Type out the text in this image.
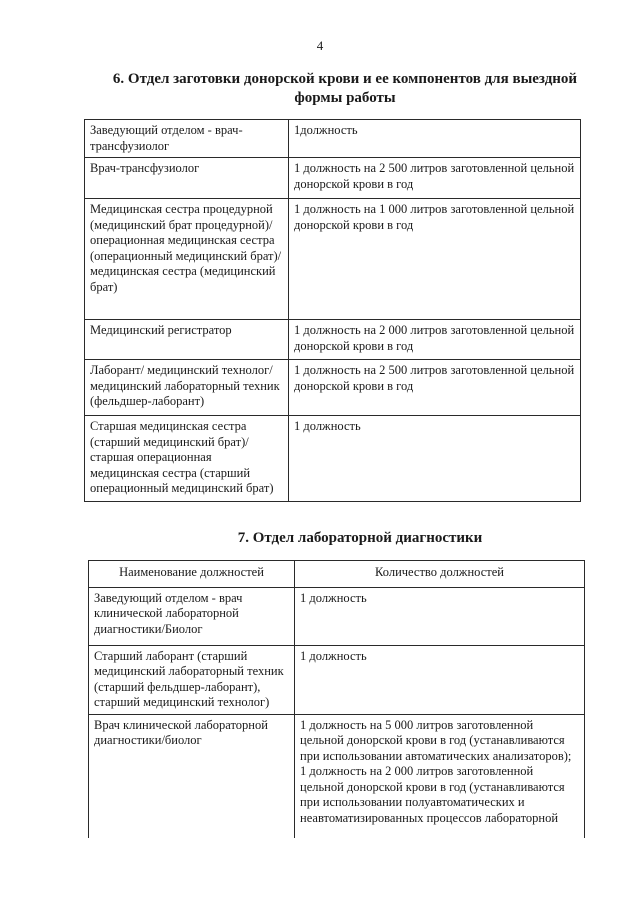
4
6. Отдел заготовки донорской крови и ее компонентов для выездной
формы работы
Заведующий отделом - врач-трансфузиолог	1должность
Врач-трансфузиолог	1 должность на 2 500 литров заготовленной цельной донорской крови в год
Медицинская сестра процедурной (медицинский брат процедурной)/операционная медицинская сестра (операционный медицинский брат)/медицинская сестра (медицинский брат)	1 должность на 1 000 литров заготовленной цельной донорской крови в год
Медицинский регистратор	1 должность на 2 000 литров заготовленной цельной донорской крови в год
Лаборант/ медицинский технолог/ медицинский лабораторный техник (фельдшер-лаборант)	1 должность на 2 500 литров заготовленной цельной донорской крови в год
Старшая медицинская сестра (старший медицинский брат)/старшая операционная медицинская сестра (старший операционный медицинский брат)	1 должность
7. Отдел лабораторной диагностики
Наименование должностей	Количество должностей
Заведующий отделом - врач клинической лабораторной диагностики/Биолог	1 должность
Старший лаборант (старший медицинский лабораторный техник (старший фельдшер-лаборант), старший медицинский технолог)	1 должность
Врач клинической лабораторной диагностики/биолог	1 должность на 5 000 литров заготовленной цельной донорской крови в год (устанавливаются при использовании автоматических анализаторов); 1 должность на 2 000 литров заготовленной цельной донорской крови в год (устанавливаются при использовании полуавтоматических и неавтоматизированных процессов лабораторной
